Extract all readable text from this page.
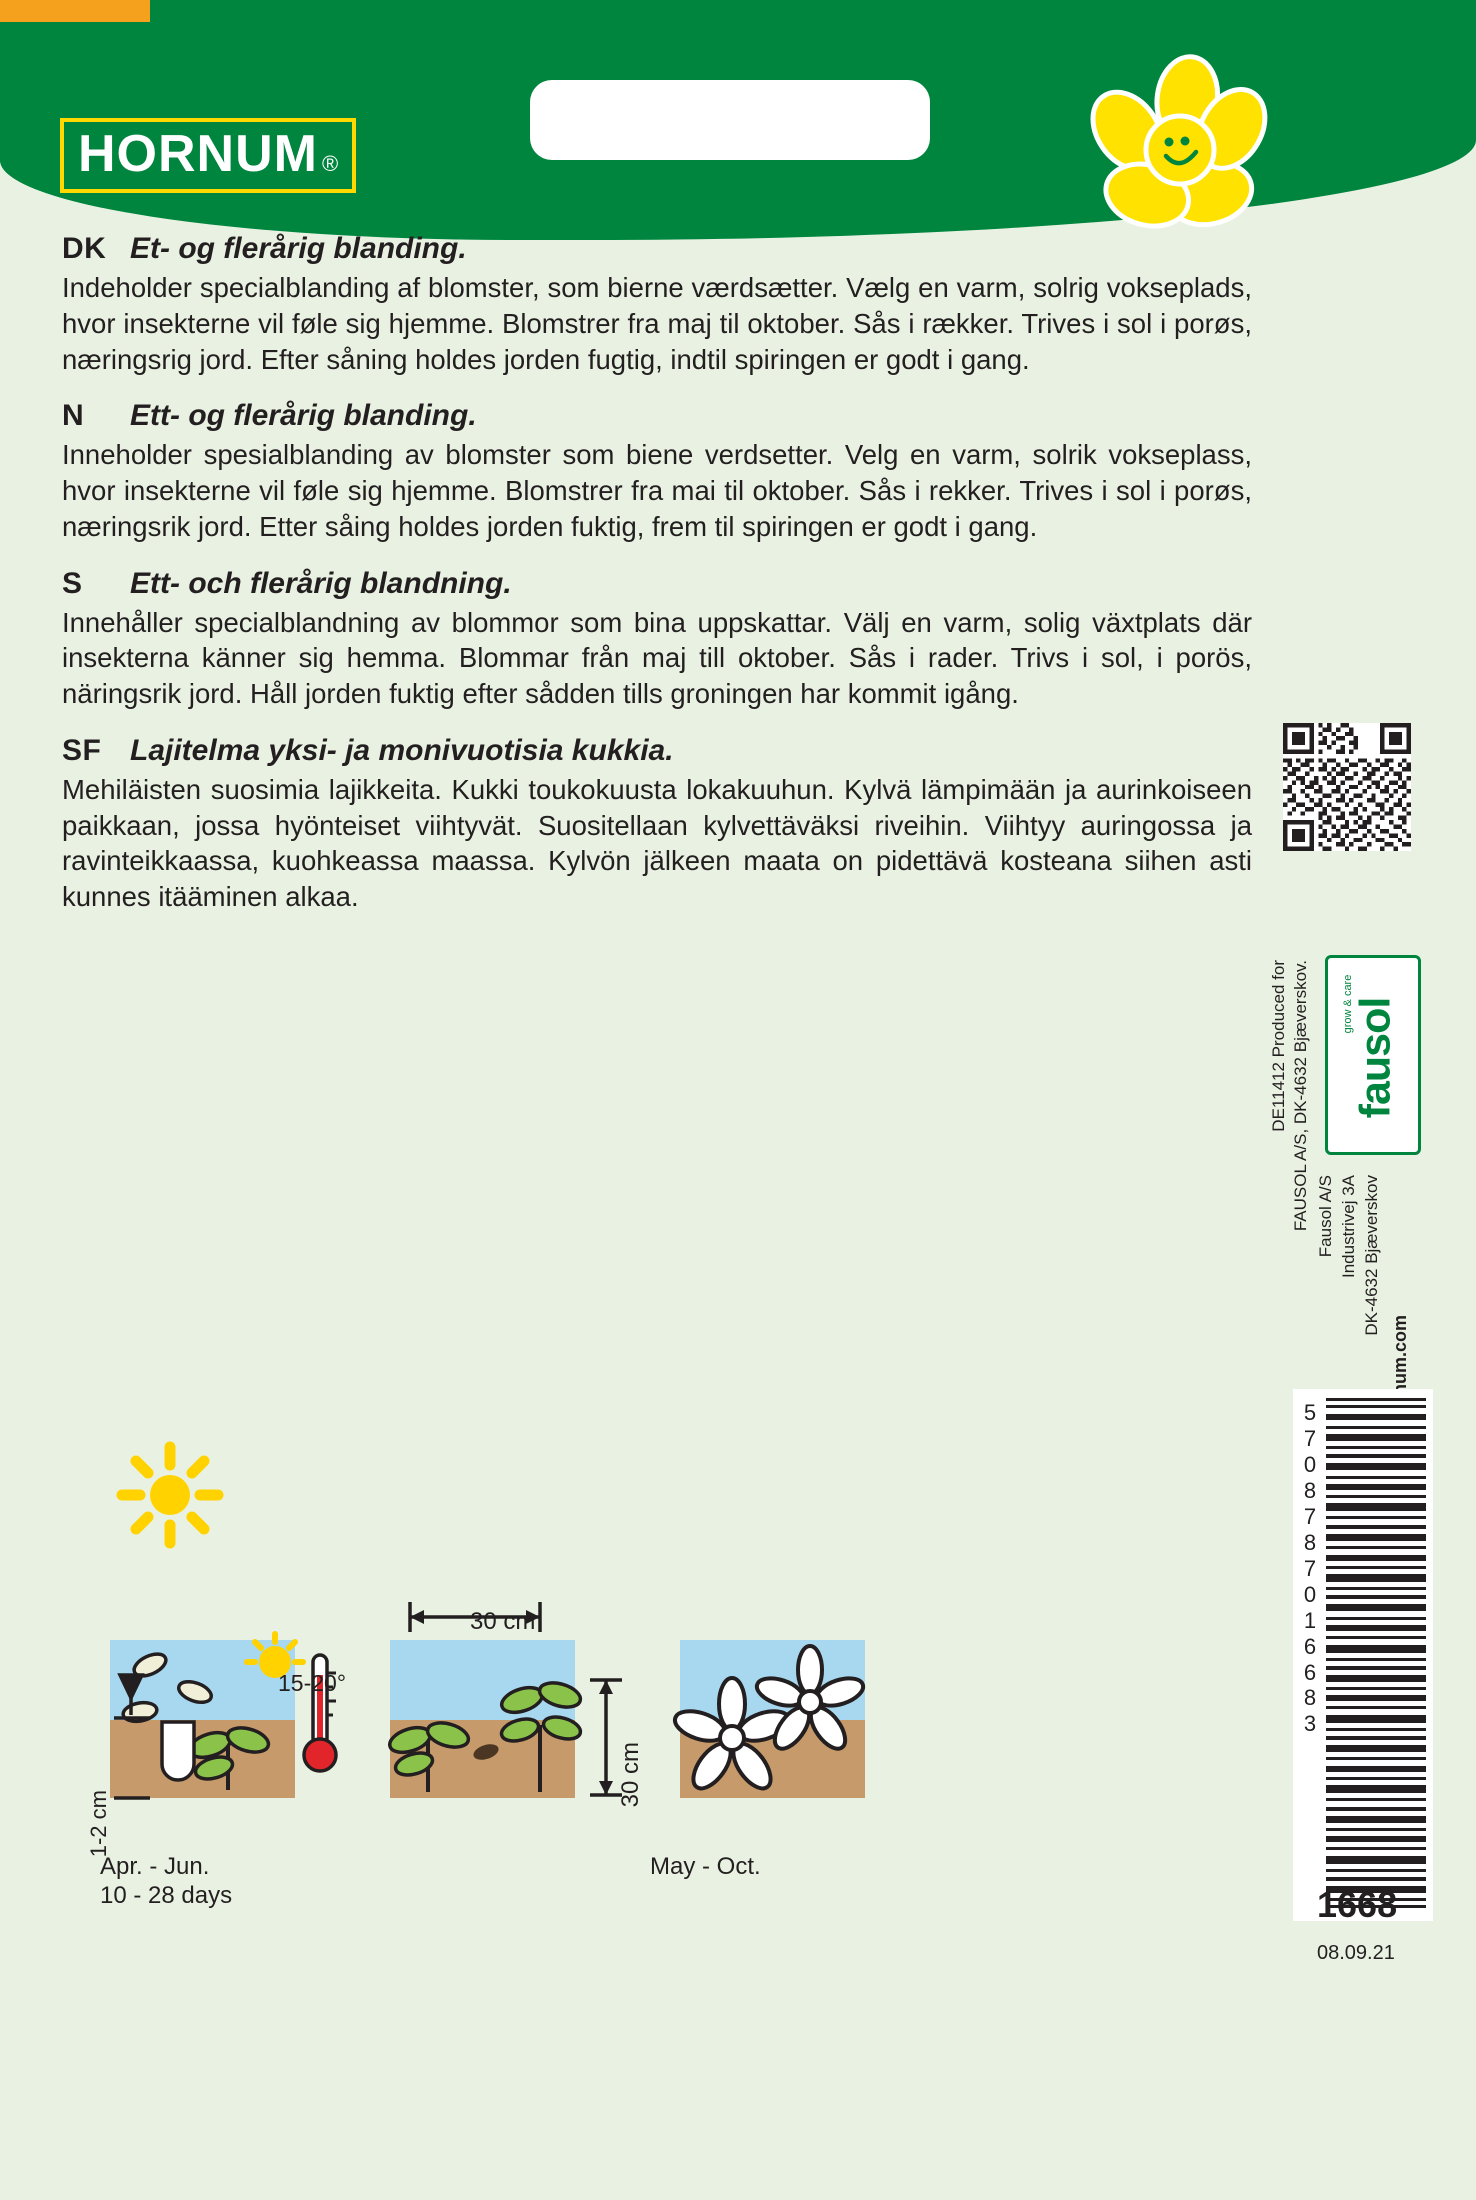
HORNUM ®
DK Et- og flerårig blanding.
Indeholder specialblanding af blomster, som bierne værdsætter. Vælg en varm, solrig vokseplads, hvor insekterne vil føle sig hjemme. Blomstrer fra maj til oktober. Sås i rækker. Trives i sol i porøs, næringsrig jord. Efter såning holdes jorden fugtig, indtil spiringen er godt i gang.
N	Ett- og flerårig blanding.
Inneholder spesialblanding av blomster som biene verdsetter. Velg en varm, solrik vokseplass, hvor insekterne vil føle sig hjemme. Blomstrer fra mai til oktober. Sås i rekker. Trives i sol i porøs, næringsrik jord. Etter såing holdes jorden fuktig, frem til spiringen er godt i gang.
S	Ett- och flerårig blandning.
Innehåller specialblandning av blommor som bina uppskattar. Välj en varm, solig växtplats där insekterna känner sig hemma. Blommar från maj till oktober. Sås i rader. Trivs i sol, i porös, näringsrik jord. Håll jorden fuktig efter sådden tills groningen har kommit igång.
SF Lajitelma yksi- ja monivuotisia kukkia.
Mehiläisten suosimia lajikkeita. Kukki toukokuusta lokakuuhun. Kylvä lämpimään ja aurinkoiseen paikkaan, jossa hyönteiset viihtyvät. Suositellaan kylvettäväksi riveihin. Viihtyy auringossa ja ravinteikkaassa, kuohkeassa maassa. Kylvön jälkeen maata on pidettävä kosteana siihen asti kunnes itääminen alkaa.
DE11412 Produced for FAUSOL A/S, DK-4632 Bjæverskov. fausol
grow & care
Fausol A/S Industrivej 3A DK-4632 Bjæverskov
5
7
0
8
7
8
7
0
1
6
6
8
3
1668
08.09.21
30 cm
30 cm
1-2 cm
15-20°
Apr. - Jun.
10 - 28 days
May - Oct.
